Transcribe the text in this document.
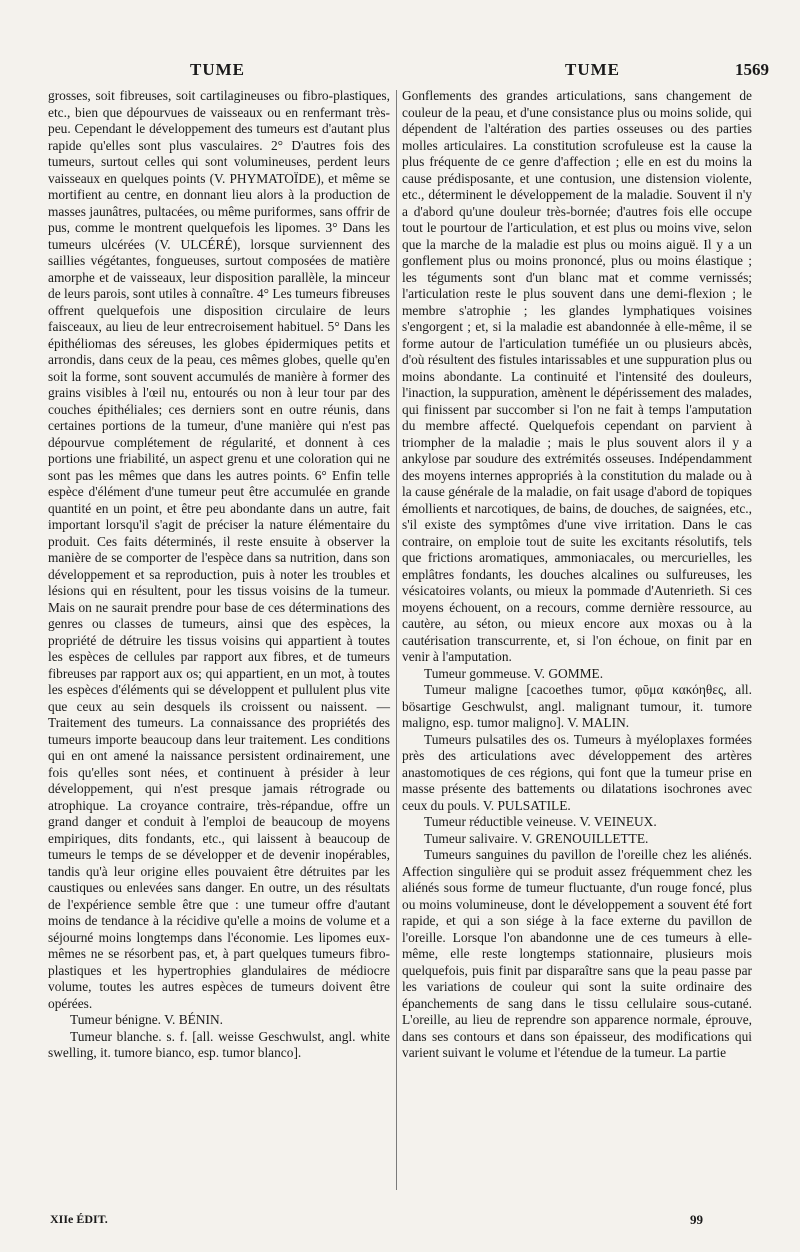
TUME	TUME	1569

grosses, soit fibreuses, soit cartilagineuses ou fibro-plastiques, etc., bien que dépourvues de vaisseaux ou en renfermant très-peu. Cependant le développement des tumeurs est d'autant plus rapide qu'elles sont plus vasculaires. 2° D'autres fois des tumeurs, surtout celles qui sont volumineuses, perdent leurs vaisseaux en quelques points (V. PHYMATOÏDE), et même se mortifient au centre, en donnant lieu alors à la production de masses jaunâtres, pultacées, ou même puriformes, sans offrir de pus, comme le montrent quelquefois les lipomes. 3° Dans les tumeurs ulcérées (V. ULCÉRÉ), lorsque surviennent des saillies végétantes, fongueuses, surtout composées de matière amorphe et de vaisseaux, leur disposition parallèle, la minceur de leurs parois, sont utiles à connaître. 4° Les tumeurs fibreuses offrent quelquefois une disposition circulaire de leurs faisceaux, au lieu de leur entrecroisement habituel. 5° Dans les épithéliomas des séreuses, les globes épidermiques petits et arrondis, dans ceux de la peau, ces mêmes globes, quelle qu'en soit la forme, sont souvent accumulés de manière à former des grains visibles à l'œil nu, entourés ou non à leur tour par des couches épithéliales; ces derniers sont en outre réunis, dans certaines portions de la tumeur, d'une manière qui n'est pas dépourvue complétement de régularité, et donnent à ces portions une friabilité, un aspect grenu et une coloration qui ne sont pas les mêmes que dans les autres points. 6° Enfin telle espèce d'élément d'une tumeur peut être accumulée en grande quantité en un point, et être peu abondante dans un autre, fait important lorsqu'il s'agit de préciser la nature élémentaire du produit. Ces faits déterminés, il reste ensuite à observer la manière de se comporter de l'espèce dans sa nutrition, dans son développement et sa reproduction, puis à noter les troubles et lésions qui en résultent, pour les tissus voisins de la tumeur. Mais on ne saurait prendre pour base de ces déterminations des genres ou classes de tumeurs, ainsi que des espèces, la propriété de détruire les tissus voisins qui appartient à toutes les espèces de cellules par rapport aux fibres, et de tumeurs fibreuses par rapport aux os; qui appartient, en un mot, à toutes les espèces d'éléments qui se développent et pullulent plus vite que ceux au sein desquels ils croissent ou naissent. — Traitement des tumeurs. La connaissance des propriétés des tumeurs importe beaucoup dans leur traitement. Les conditions qui en ont amené la naissance persistent ordinairement, une fois qu'elles sont nées, et continuent à présider à leur développement, qui n'est presque jamais rétrograde ou atrophique. La croyance contraire, très-répandue, offre un grand danger et conduit à l'emploi de beaucoup de moyens empiriques, dits fondants, etc., qui laissent à beaucoup de tumeurs le temps de se développer et de devenir inopérables, tandis qu'à leur origine elles pouvaient être détruites par les caustiques ou enlevées sans danger. En outre, un des résultats de l'expérience semble être que : une tumeur offre d'autant moins de tendance à la récidive qu'elle a moins de volume et a séjourné moins longtemps dans l'économie. Les lipomes eux-mêmes ne se résorbent pas, et, à part quelques tumeurs fibro-plastiques et les hypertrophies glandulaires de médiocre volume, toutes les autres espèces de tumeurs doivent être opérées.

Tumeur bénigne. V. BÉNIN.

Tumeur blanche. s. f. [all. weisse Geschwulst, angl. white swelling, it. tumore bianco, esp. tumor blanco].

Gonflements des grandes articulations, sans changement de couleur de la peau, et d'une consistance plus ou moins solide, qui dépendent de l'altération des parties osseuses ou des parties molles articulaires. La constitution scrofuleuse est la cause la plus fréquente de ce genre d'affection ; elle en est du moins la cause prédisposante, et une contusion, une distension violente, etc., déterminent le développement de la maladie. Souvent il n'y a d'abord qu'une douleur très-bornée; d'autres fois elle occupe tout le pourtour de l'articulation, et est plus ou moins vive, selon que la marche de la maladie est plus ou moins aiguë. Il y a un gonflement plus ou moins prononcé, plus ou moins élastique ; les téguments sont d'un blanc mat et comme vernissés; l'articulation reste le plus souvent dans une demi-flexion ; le membre s'atrophie ; les glandes lymphatiques voisines s'engorgent ; et, si la maladie est abandonnée à elle-même, il se forme autour de l'articulation tuméfiée un ou plusieurs abcès, d'où résultent des fistules intarissables et une suppuration plus ou moins abondante. La continuité et l'intensité des douleurs, l'inaction, la suppuration, amènent le dépérissement des malades, qui finissent par succomber si l'on ne fait à temps l'amputation du membre affecté. Quelquefois cependant on parvient à triompher de la maladie ; mais le plus souvent alors il y a ankylose par soudure des extrémités osseuses. Indépendamment des moyens internes appropriés à la constitution du malade ou à la cause générale de la maladie, on fait usage d'abord de topiques émollients et narcotiques, de bains, de douches, de saignées, etc., s'il existe des symptômes d'une vive irritation. Dans le cas contraire, on emploie tout de suite les excitants résolutifs, tels que frictions aromatiques, ammoniacales, ou mercurielles, les emplâtres fondants, les douches alcalines ou sulfureuses, les vésicatoires volants, ou mieux la pommade d'Autenrieth. Si ces moyens échouent, on a recours, comme dernière ressource, au cautère, au séton, ou mieux encore aux moxas ou à la cautérisation transcurrente, et, si l'on échoue, on finit par en venir à l'amputation.

Tumeur gommeuse. V. GOMME.

Tumeur maligne [cacoethes tumor, φῦμα κακόηθες, all. bösartige Geschwulst, angl. malignant tumour, it. tumore maligno, esp. tumor maligno]. V. MALIN.

Tumeurs pulsatiles des os. Tumeurs à myéloplaxes formées près des articulations avec développement des artères anastomotiques de ces régions, qui font que la tumeur prise en masse présente des battements ou dilatations isochrones avec ceux du pouls. V. PULSATILE.

Tumeur réductible veineuse. V. VEINEUX.

Tumeur salivaire. V. GRENOUILLETTE.

Tumeurs sanguines du pavillon de l'oreille chez les aliénés. Affection singulière qui se produit assez fréquemment chez les aliénés sous forme de tumeur fluctuante, d'un rouge foncé, plus ou moins volumineuse, dont le développement a souvent été fort rapide, et qui a son siége à la face externe du pavillon de l'oreille. Lorsque l'on abandonne une de ces tumeurs à elle-même, elle reste longtemps stationnaire, plusieurs mois quelquefois, puis finit par disparaître sans que la peau passe par les variations de couleur qui sont la suite ordinaire des épanchements de sang dans le tissu cellulaire sous-cutané. L'oreille, au lieu de reprendre son apparence normale, éprouve, dans ses contours et dans son épaisseur, des modifications qui varient suivant le volume et l'étendue de la tumeur. La partie

XIIe ÉDIT.	99
